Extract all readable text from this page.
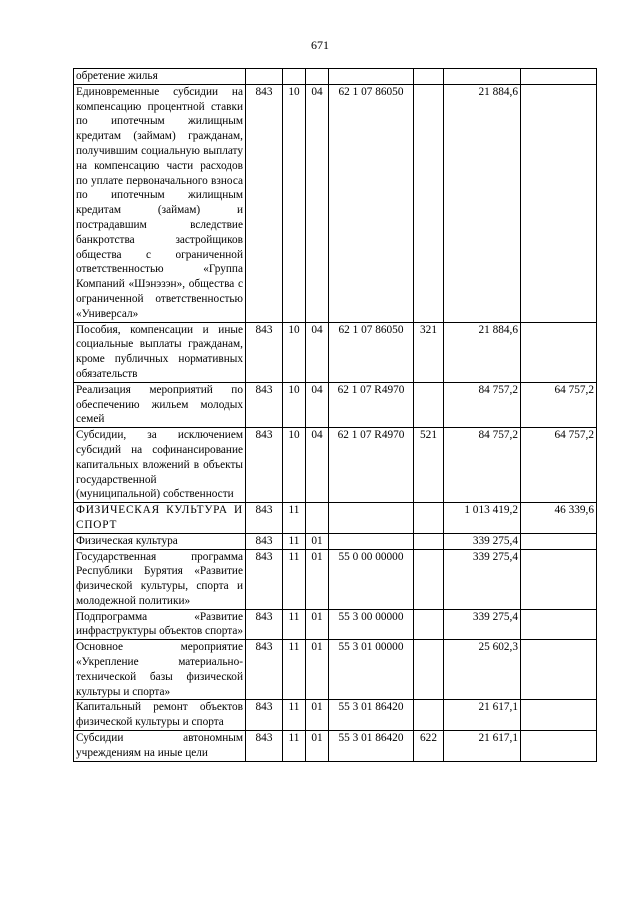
671
обретение жилья							
Единовременные субсидии на компенсацию процентной ставки по ипотечным жилищным кредитам (займам) гражданам, получившим социальную выплату на компенсацию части расходов по уплате первоначального взноса по ипотечным жилищным кредитам (займам) и пострадавшим вследствие банкротства застройщиков общества с ограниченной ответственностью «Группа Компаний «Шэнэзэн», общества с ограниченной ответственностью «Универсал»	843	10	04	62 1 07 86050		21 884,6	
Пособия, компенсации и иные социальные выплаты гражданам, кроме публичных нормативных обязательств	843	10	04	62 1 07 86050	321	21 884,6	
Реализация мероприятий по обеспечению жильем молодых семей	843	10	04	62 1 07 R4970		84 757,2	64 757,2
Субсидии, за исключением субсидий на софинансирование капитальных вложений в объекты государственной (муниципальной) собственности	843	10	04	62 1 07 R4970	521	84 757,2	64 757,2
ФИЗИЧЕСКАЯ КУЛЬТУРА И СПОРТ	843	11				1 013 419,2	46 339,6
Физическая культура	843	11	01			339 275,4	
Государственная программа Республики Бурятия «Развитие физической культуры, спорта и молодежной политики»	843	11	01	55 0 00 00000		339 275,4	
Подпрограмма «Развитие инфраструктуры объектов спорта»	843	11	01	55 3 00 00000		339 275,4	
Основное мероприятие «Укрепление материально-технической базы физической культуры и спорта»	843	11	01	55 3 01 00000		25 602,3	
Капитальный ремонт объектов физической культуры и спорта	843	11	01	55 3 01 86420		21 617,1	
Субсидии автономным учреждениям на иные цели	843	11	01	55 3 01 86420	622	21 617,1	
